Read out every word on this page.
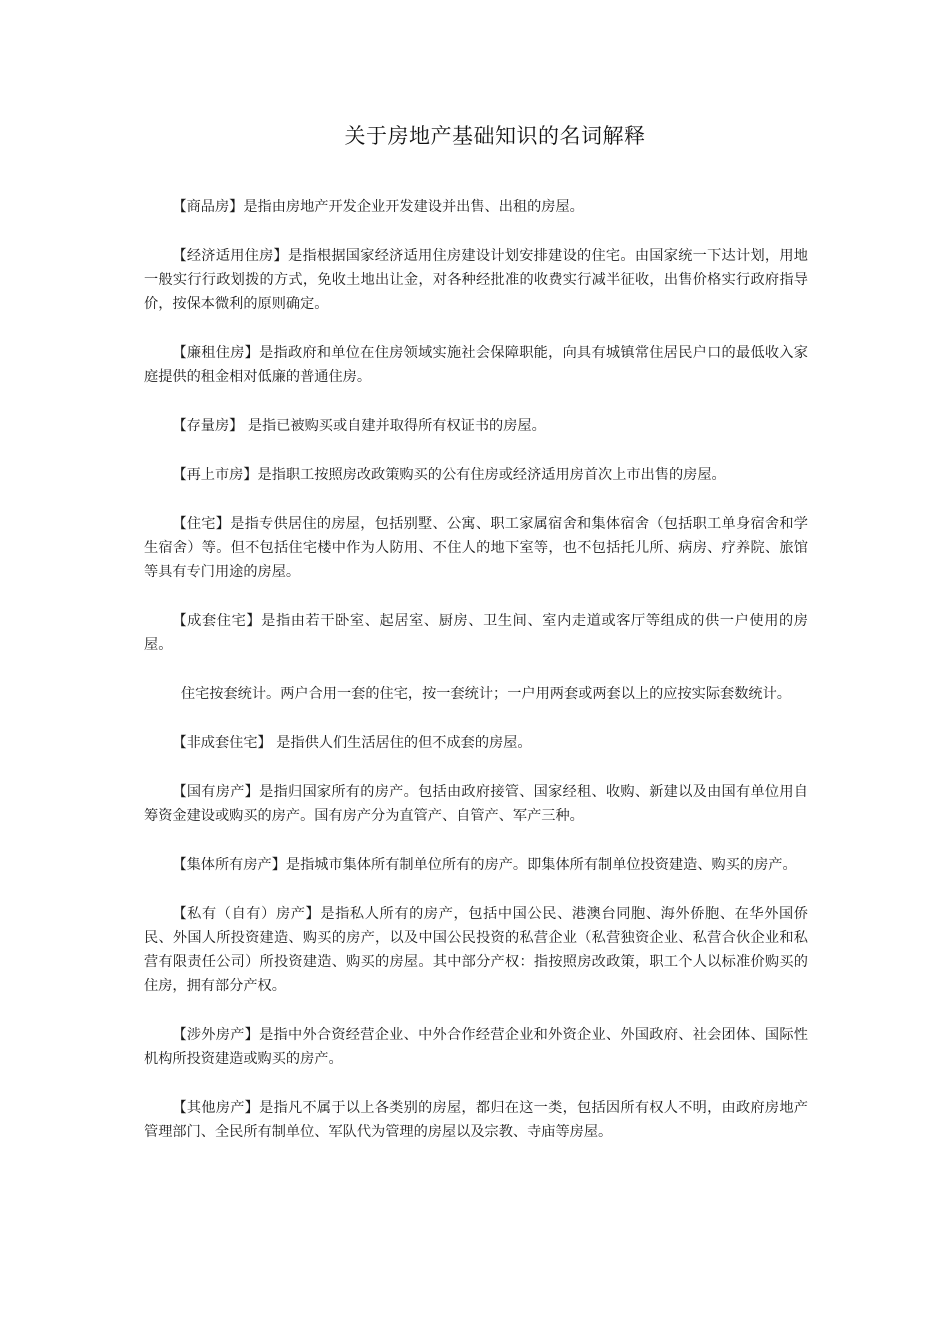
关于房地产基础知识的名词解释

【商品房】是指由房地产开发企业开发建设并出售、出租的房屋。

【经济适用住房】是指根据国家经济适用住房建设计划安排建设的住宅。由国家统一下达计划，用地一般实行行政划拨的方式，免收土地出让金，对各种经批准的收费实行减半征收，出售价格实行政府指导价，按保本微利的原则确定。

【廉租住房】是指政府和单位在住房领域实施社会保障职能，向具有城镇常住居民户口的最低收入家庭提供的租金相对低廉的普通住房。

【存量房】 是指已被购买或自建并取得所有权证书的房屋。

【再上市房】是指职工按照房改政策购买的公有住房或经济适用房首次上市出售的房屋。

【住宅】是指专供居住的房屋，包括别墅、公寓、职工家属宿舍和集体宿舍（包括职工单身宿舍和学生宿舍）等。但不包括住宅楼中作为人防用、不住人的地下室等，也不包括托儿所、病房、疗养院、旅馆等具有专门用途的房屋。

【成套住宅】是指由若干卧室、起居室、厨房、卫生间、室内走道或客厅等组成的供一户使用的房屋。

住宅按套统计。两户合用一套的住宅，按一套统计；一户用两套或两套以上的应按实际套数统计。

【非成套住宅】 是指供人们生活居住的但不成套的房屋。

【国有房产】是指归国家所有的房产。包括由政府接管、国家经租、收购、新建以及由国有单位用自筹资金建设或购买的房产。国有房产分为直管产、自管产、军产三种。

【集体所有房产】是指城市集体所有制单位所有的房产。即集体所有制单位投资建造、购买的房产。

【私有（自有）房产】是指私人所有的房产，包括中国公民、港澳台同胞、海外侨胞、在华外国侨民、外国人所投资建造、购买的房产，以及中国公民投资的私营企业（私营独资企业、私营合伙企业和私营有限责任公司）所投资建造、购买的房屋。其中部分产权：指按照房改政策，职工个人以标准价购买的住房，拥有部分产权。

【涉外房产】是指中外合资经营企业、中外合作经营企业和外资企业、外国政府、社会团体、国际性机构所投资建造或购买的房产。

【其他房产】是指凡不属于以上各类别的房屋，都归在这一类，包括因所有权人不明，由政府房地产管理部门、全民所有制单位、军队代为管理的房屋以及宗教、寺庙等房屋。
